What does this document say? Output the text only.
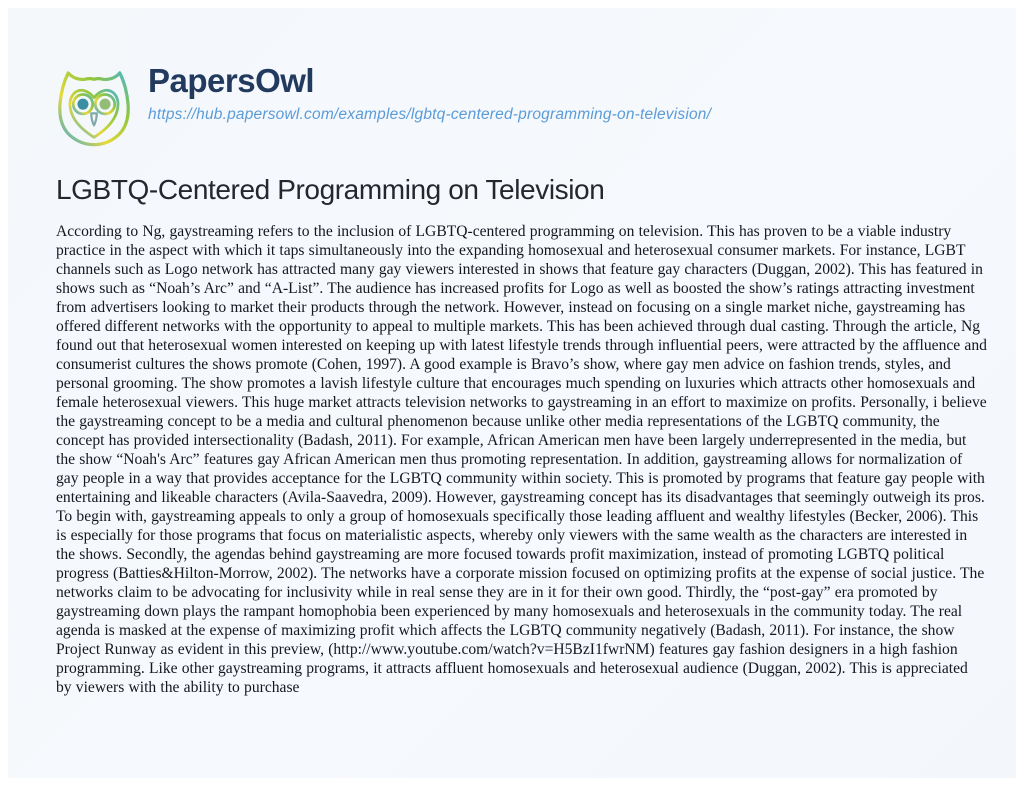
PapersOwl
https://hub.papersowl.com/examples/lgbtq-centered-programming-on-television/
LGBTQ-Centered Programming on Television

According to Ng, gaystreaming refers to the inclusion of LGBTQ-centered programming on television. This has proven to be a viable industry practice in the aspect with which it taps simultaneously into the expanding homosexual and heterosexual consumer markets. For instance, LGBT channels such as Logo network has attracted many gay viewers interested in shows that feature gay characters (Duggan, 2002). This has featured in shows such as “Noah’s Arc” and “A-List”. The audience has increased profits for Logo as well as boosted the show’s ratings attracting investment from advertisers looking to market their products through the network. However, instead on focusing on a single market niche, gaystreaming has offered different networks with the opportunity to appeal to multiple markets. This has been achieved through dual casting. Through the article, Ng found out that heterosexual women interested on keeping up with latest lifestyle trends through influential peers, were attracted by the affluence and consumerist cultures the shows promote (Cohen, 1997). A good example is Bravo’s show, where gay men advice on fashion trends, styles, and personal grooming. The show promotes a lavish lifestyle culture that encourages much spending on luxuries which attracts other homosexuals and female heterosexual viewers. This huge market attracts television networks to gaystreaming in an effort to maximize on profits. Personally, i believe the gaystreaming concept to be a media and cultural phenomenon because unlike other media representations of the LGBTQ community, the concept has provided intersectionality (Badash, 2011). For example, African American men have been largely underrepresented in the media, but the show “Noah's Arc” features gay African American men thus promoting representation. In addition, gaystreaming allows for normalization of gay people in a way that provides acceptance for the LGBTQ community within society. This is promoted by programs that feature gay people with entertaining and likeable characters (Avila-Saavedra, 2009). However, gaystreaming concept has its disadvantages that seemingly outweigh its pros. To begin with, gaystreaming appeals to only a group of homosexuals specifically those leading affluent and wealthy lifestyles (Becker, 2006). This is especially for those programs that focus on materialistic aspects, whereby only viewers with the same wealth as the characters are interested in the shows. Secondly, the agendas behind gaystreaming are more focused towards profit maximization, instead of promoting LGBTQ political progress (Batties&Hilton-Morrow, 2002). The networks have a corporate mission focused on optimizing profits at the expense of social justice. The networks claim to be advocating for inclusivity while in real sense they are in it for their own good. Thirdly, the “post-gay” era promoted by gaystreaming down plays the rampant homophobia been experienced by many homosexuals and heterosexuals in the community today. The real agenda is masked at the expense of maximizing profit which affects the LGBTQ community negatively (Badash, 2011). For instance, the show Project Runway as evident in this preview, (http://www.youtube.com/watch?v=H5BzI1fwrNM) features gay fashion designers in a high fashion programming. Like other gaystreaming programs, it attracts affluent homosexuals and heterosexual audience (Duggan, 2002). This is appreciated by viewers with the ability to purchase
